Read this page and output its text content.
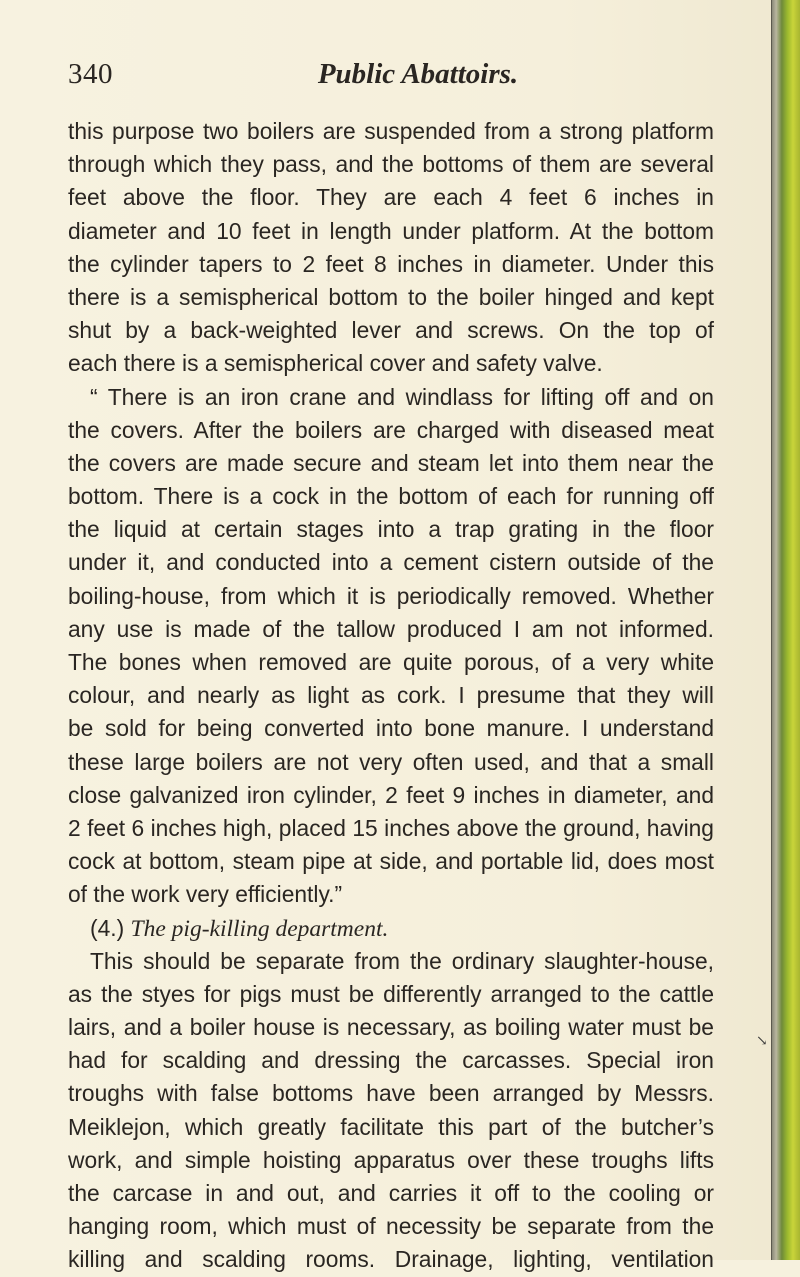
340	Public Abattoirs.
this purpose two boilers are suspended from a strong platform
through which they pass, and the bottoms of them are several
feet above the floor. They are each 4 feet 6 inches in
diameter and 10 feet in length under platform. At the bottom
the cylinder tapers to 2 feet 8 inches in diameter. Under this
there is a semispherical bottom to the boiler hinged and kept
shut by a back-weighted lever and screws. On the top of
each there is a semispherical cover and safety valve.
“ There is an iron crane and windlass for lifting off and on
the covers. After the boilers are charged with diseased meat
the covers are made secure and steam let into them near the
bottom. There is a cock in the bottom of each for running off
the liquid at certain stages into a trap grating in the floor
under it, and conducted into a cement cistern outside of the
boiling-house, from which it is periodically removed. Whether
any use is made of the tallow produced I am not informed.
The bones when removed are quite porous, of a very white
colour, and nearly as light as cork. I presume that they will
be sold for being converted into bone manure. I understand
these large boilers are not very often used, and that a small
close galvanized iron cylinder, 2 feet 9 inches in diameter, and
2 feet 6 inches high, placed 15 inches above the ground, having
cock at bottom, steam pipe at side, and portable lid, does most
of the work very efficiently.”
(4.) The pig-killing department.
This should be separate from the ordinary slaughter-house,
as the styes for pigs must be differently arranged to the cattle
lairs, and a boiler house is necessary, as boiling water must be
had for scalding and dressing the carcasses. Special iron
troughs with false bottoms have been arranged by Messrs.
Meiklejon, which greatly facilitate this part of the butcher’s
work, and simple hoisting apparatus over these troughs lifts
the carcase in and out, and carries it off to the cooling or
hanging room, which must of necessity be separate from the
killing and scalding rooms. Drainage, lighting, ventilation
↘
